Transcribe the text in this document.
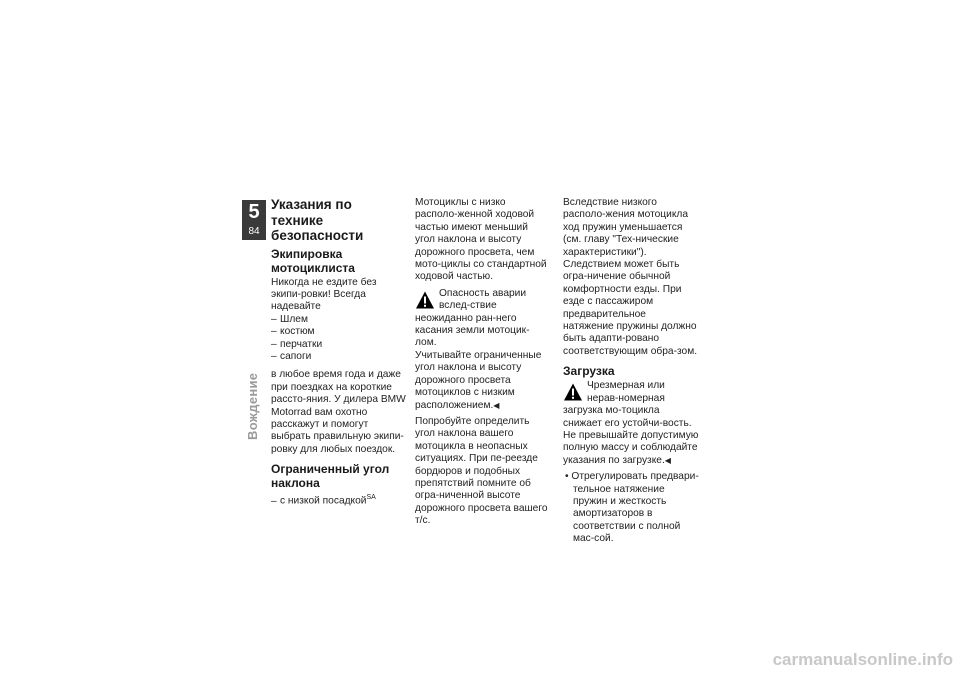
5
84
Вождение
Указания по технике безопасности
Экипировка мотоциклиста

Никогда не ездите без экипи-ровки! Всегда надевайте

– Шлем
– костюм
– перчатки
– сапоги

в любое время года и даже при поездках на короткие рассто-яния. У дилера BMW Motorrad вам охотно расскажут и помогут выбрать правильную экипи-ровку для любых поездок.

Ограниченный угол наклона

– с низкой посадкой$^{SA}$

Мотоциклы с низко располо-женной ходовой частью имеют меньший угол наклона и высоту дорожного просвета, чем мото-циклы со стандартной ходовой частью.

Опасность аварии вслед-ствие неожиданно ран-него касания земли мотоцик-лом.

Учитывайте ограниченные угол наклона и высоту дорожного просвета мотоциклов с низким расположением.◀

Попробуйте определить угол наклона вашего мотоцикла в неопасных ситуациях. При пе-реезде бордюров и подобных препятствий помните об огра-ниченной высоте дорожного просвета вашего т/с.

Вследствие низкого располо-жения мотоцикла ход пружин уменьшается (см. главу "Тех-нические характеристики"). Следствием может быть огра-ничение обычной комфортности езды. При езде с пассажиром предварительное натяжение пружины должно быть адапти-ровано соответствующим обра-зом.

Загрузка

Чрезмерная или нерав-номерная загрузка мо-тоцикла снижает его устойчи-вость.

Не превышайте допустимую полную массу и соблюдайте указания по загрузке.◀

• Отрегулировать предвари-тельное натяжение пружин и жесткость амортизаторов в соответствии с полной мас-сой.

carmanualsonline.info
